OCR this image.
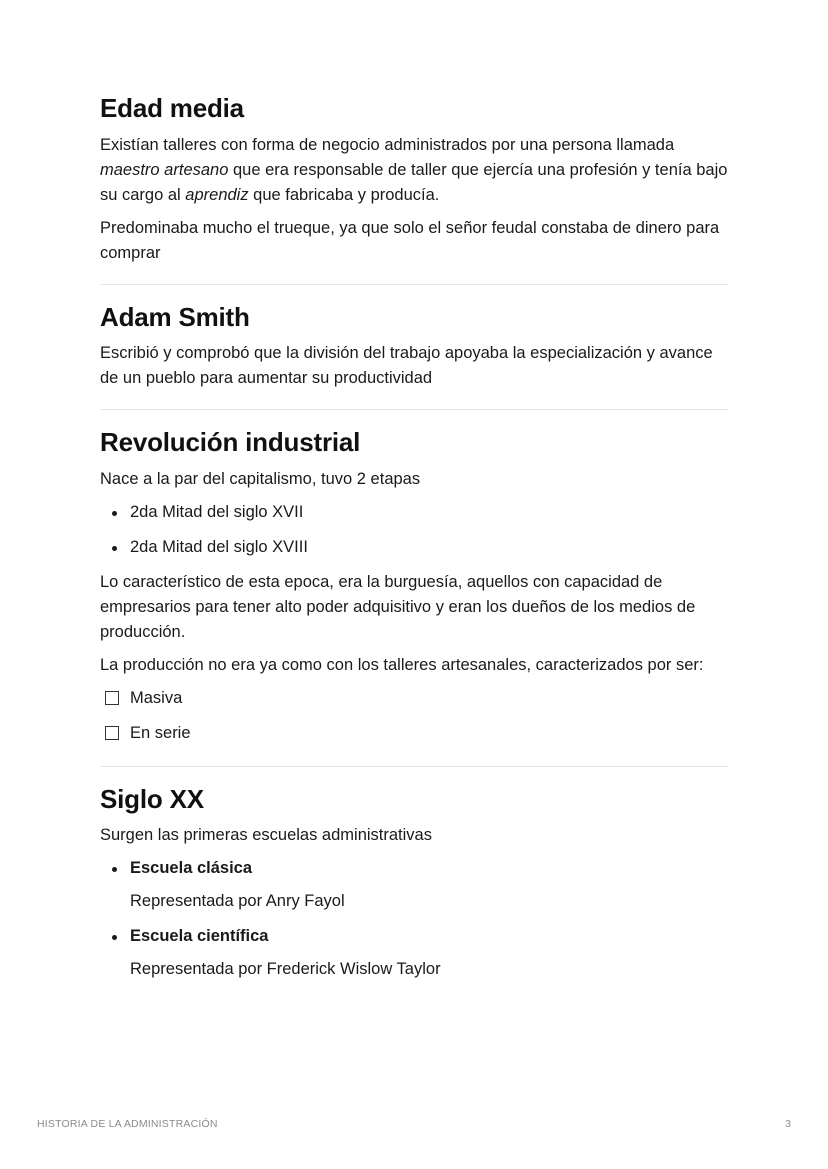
Edad media

Existían talleres con forma de negocio administrados por una persona llamada maestro artesano que era responsable de taller que ejercía una profesión y tenía bajo su cargo al aprendiz que fabricaba y producía.

Predominaba mucho el trueque, ya que solo el señor feudal constaba de dinero para comprar

Adam Smith

Escribió y comprobó que la división del trabajo apoyaba la especialización y avance de un pueblo para aumentar su productividad

Revolución industrial

Nace a la par del capitalismo, tuvo 2 etapas

2da Mitad del siglo XVII
2da Mitad del siglo XVIII

Lo característico de esta epoca, era la burguesía, aquellos con capacidad de empresarios para tener alto poder adquisitivo y eran los dueños de los medios de producción.

La producción no era ya como con los talleres artesanales, caracterizados por ser:

Masiva
En serie
Siglo XX

Surgen las primeras escuelas administrativas

Escuela clásica
Representada por Anry Fayol
Escuela científica
Representada por Frederick Wislow Taylor
HISTORIA DE LA ADMINISTRACIÓN	3
